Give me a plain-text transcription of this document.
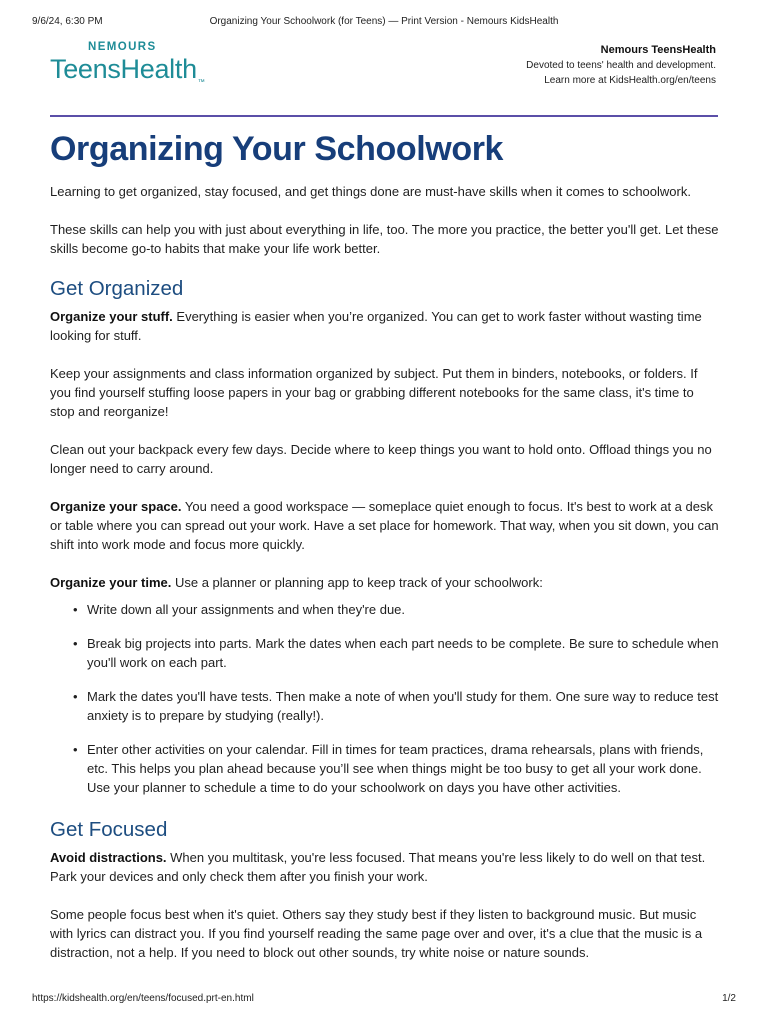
9/6/24, 6:30 PM	Organizing Your Schoolwork (for Teens) — Print Version - Nemours KidsHealth
NEMOURS
TeensHealth™
Nemours TeensHealth
Devoted to teens' health and development.
Learn more at KidsHealth.org/en/teens
Organizing Your Schoolwork

Learning to get organized, stay focused, and get things done are must-have skills when it comes to schoolwork.

These skills can help you with just about everything in life, too. The more you practice, the better you'll get. Let these skills become go-to habits that make your life work better.

Get Organized

Organize your stuff. Everything is easier when you’re organized. You can get to work faster without wasting time looking for stuff.

Keep your assignments and class information organized by subject. Put them in binders, notebooks, or folders. If you find yourself stuffing loose papers in your bag or grabbing different notebooks for the same class, it's time to stop and reorganize!

Clean out your backpack every few days. Decide where to keep things you want to hold onto. Offload things you no longer need to carry around.

Organize your space. You need a good workspace — someplace quiet enough to focus. It's best to work at a desk or table where you can spread out your work. Have a set place for homework. That way, when you sit down, you can shift into work mode and focus more quickly.

Organize your time. Use a planner or planning app to keep track of your schoolwork:

• Write down all your assignments and when they're due.
• Break big projects into parts. Mark the dates when each part needs to be complete. Be sure to schedule when you'll work on each part.
• Mark the dates you'll have tests. Then make a note of when you'll study for them. One sure way to reduce test anxiety is to prepare by studying (really!).
• Enter other activities on your calendar. Fill in times for team practices, drama rehearsals, plans with friends, etc. This helps you plan ahead because you’ll see when things might be too busy to get all your work done. Use your planner to schedule a time to do your schoolwork on days you have other activities.
Get Focused

Avoid distractions. When you multitask, you're less focused. That means you're less likely to do well on that test. Park your devices and only check them after you finish your work.

Some people focus best when it's quiet. Others say they study best if they listen to background music. But music with lyrics can distract you. If you find yourself reading the same page over and over, it's a clue that the music is a distraction, not a help. If you need to block out other sounds, try white noise or nature sounds.

https://kidshealth.org/en/teens/focused.prt-en.html	1/2
